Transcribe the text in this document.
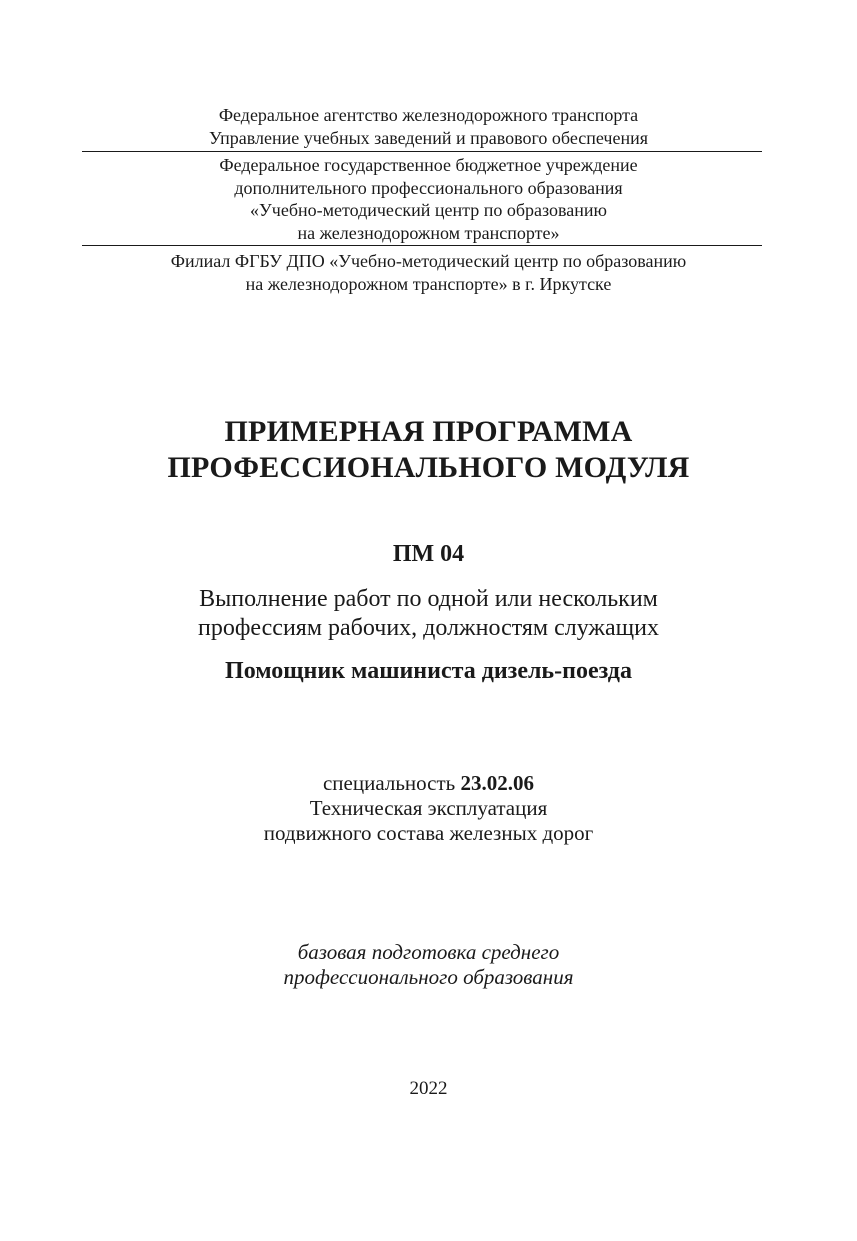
Федеральное агентство железнодорожного транспорта
Управление учебных заведений и правового обеспечения
Федеральное государственное бюджетное учреждение
дополнительного профессионального образования
«Учебно-методический центр по образованию
на железнодорожном транспорте»
Филиал ФГБУ ДПО «Учебно-методический центр по образованию
на железнодорожном транспорте» в г. Иркутске
ПРИМЕРНАЯ ПРОГРАММА
ПРОФЕССИОНАЛЬНОГО МОДУЛЯ
ПМ 04
Выполнение работ по одной или нескольким
профессиям рабочих, должностям служащих
Помощник машиниста дизель-поезда
специальность 23.02.06
Техническая эксплуатация
подвижного состава железных дорог
базовая подготовка среднего
профессионального образования
2022
